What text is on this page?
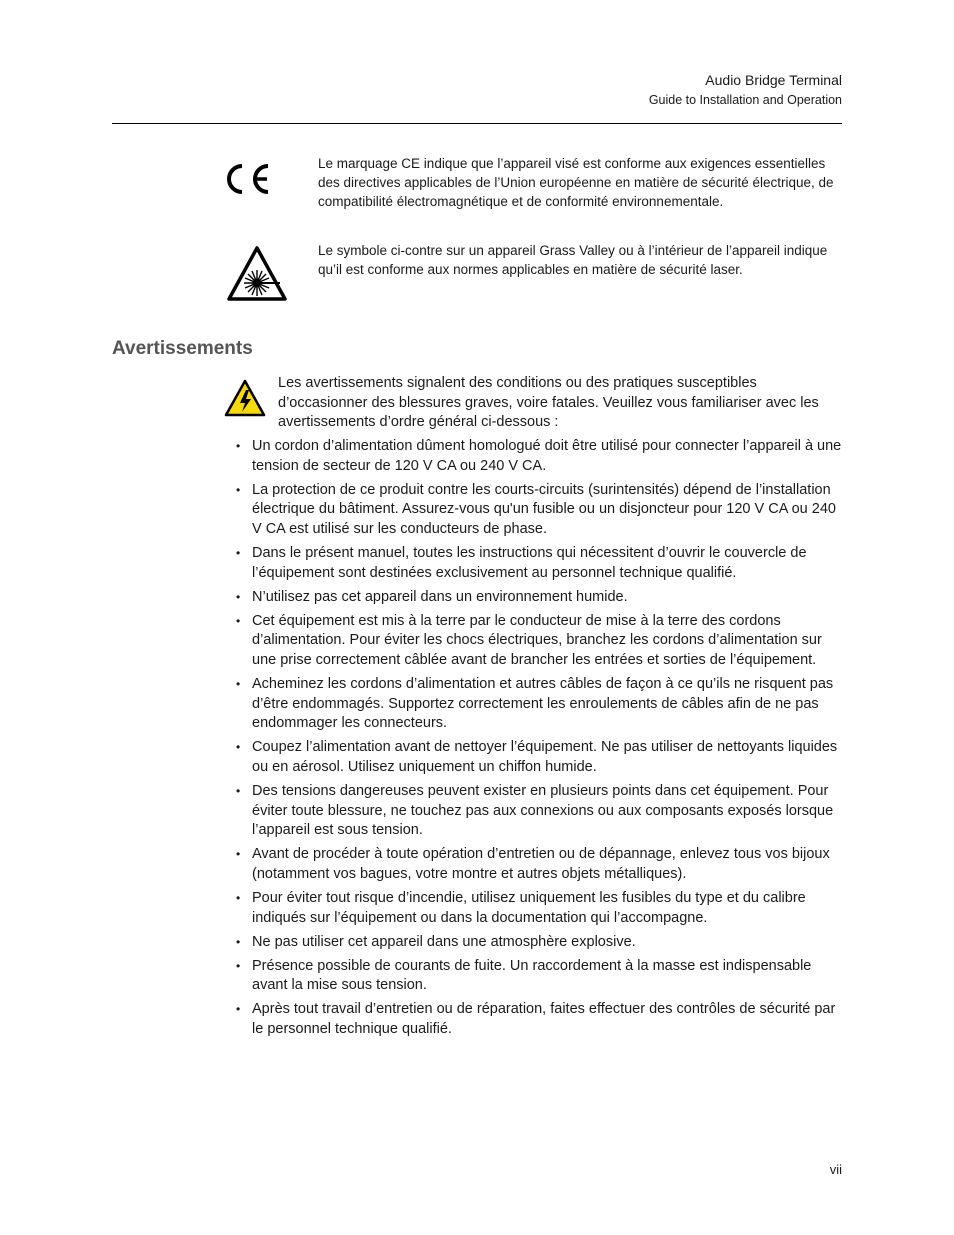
Audio Bridge Terminal
Guide to Installation and Operation
Le marquage CE indique que l’appareil visé est conforme aux exigences essentielles des directives applicables de l’Union européenne en matière de sécurité électrique, de compatibilité électromagnétique et de conformité environnementale.
Le symbole ci-contre sur un appareil Grass Valley ou à l’intérieur de l’appareil indique qu’il est conforme aux normes applicables en matière de sécurité laser.
Avertissements
Les avertissements signalent des conditions ou des pratiques susceptibles d’occasionner des blessures graves, voire fatales. Veuillez vous familiariser avec les avertissements d’ordre général ci-dessous :
• Un cordon d’alimentation dûment homologué doit être utilisé pour connecter l’appareil à une tension de secteur de 120 V CA ou 240 V CA.
• La protection de ce produit contre les courts-circuits (surintensités) dépend de l’installation électrique du bâtiment. Assurez-vous qu'un fusible ou un disjoncteur pour 120 V CA ou 240 V CA est utilisé sur les conducteurs de phase.
• Dans le présent manuel, toutes les instructions qui nécessitent d’ouvrir le couvercle de l’équipement sont destinées exclusivement au personnel technique qualifié.
• N’utilisez pas cet appareil dans un environnement humide.
• Cet équipement est mis à la terre par le conducteur de mise à la terre des cordons d’alimentation. Pour éviter les chocs électriques, branchez les cordons d’alimentation sur une prise correctement câblée avant de brancher les entrées et sorties de l’équipement.
• Acheminez les cordons d’alimentation et autres câbles de façon à ce qu’ils ne risquent pas d’être endommagés. Supportez correctement les enroulements de câbles afin de ne pas endommager les connecteurs.
• Coupez l’alimentation avant de nettoyer l’équipement. Ne pas utiliser de nettoyants liquides ou en aérosol. Utilisez uniquement un chiffon humide.
• Des tensions dangereuses peuvent exister en plusieurs points dans cet équipement. Pour éviter toute blessure, ne touchez pas aux connexions ou aux composants exposés lorsque l’appareil est sous tension.
• Avant de procéder à toute opération d’entretien ou de dépannage, enlevez tous vos bijoux (notamment vos bagues, votre montre et autres objets métalliques).
• Pour éviter tout risque d’incendie, utilisez uniquement les fusibles du type et du calibre indiqués sur l’équipement ou dans la documentation qui l’accompagne.
• Ne pas utiliser cet appareil dans une atmosphère explosive.
• Présence possible de courants de fuite. Un raccordement à la masse est indispensable avant la mise sous tension.
• Après tout travail d’entretien ou de réparation, faites effectuer des contrôles de sécurité par le personnel technique qualifié.
vii
